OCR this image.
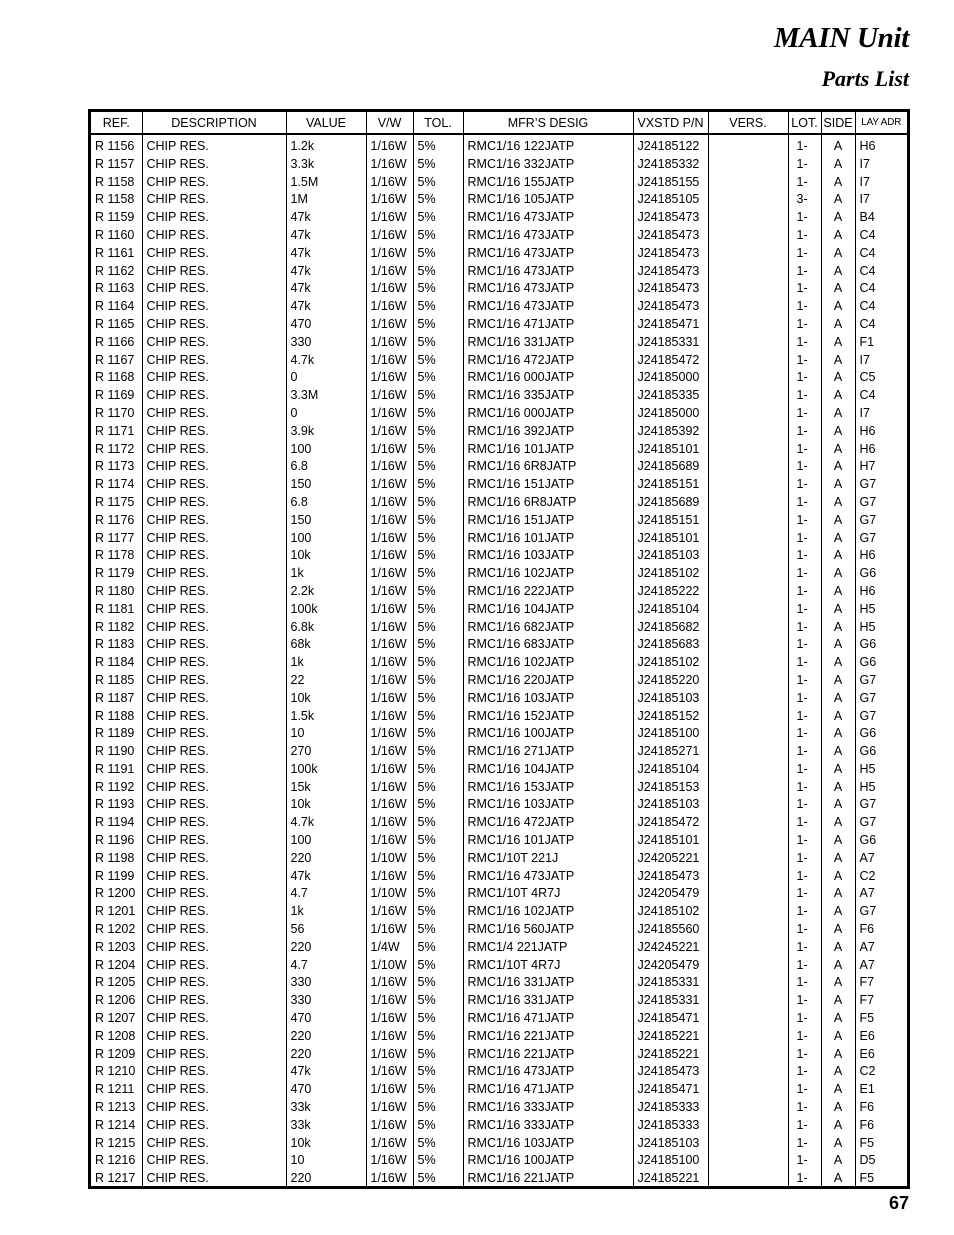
MAIN Unit
Parts List
REF.	DESCRIPTION	VALUE	V/W	TOL.	MFR’S DESIG	VXSTD P/N	VERS.	LOT.	SIDE	LAY ADR
R 1156	CHIP RES.	1.2k	1/16W	5%	RMC1/16 122JATP	J24185122		1-	A	H6
R 1157	CHIP RES.	3.3k	1/16W	5%	RMC1/16 332JATP	J24185332		1-	A	I7
R 1158	CHIP RES.	1.5M	1/16W	5%	RMC1/16 155JATP	J24185155		1-	A	I7
R 1158	CHIP RES.	1M	1/16W	5%	RMC1/16 105JATP	J24185105		3-	A	I7
R 1159	CHIP RES.	47k	1/16W	5%	RMC1/16 473JATP	J24185473		1-	A	B4
R 1160	CHIP RES.	47k	1/16W	5%	RMC1/16 473JATP	J24185473		1-	A	C4
R 1161	CHIP RES.	47k	1/16W	5%	RMC1/16 473JATP	J24185473		1-	A	C4
R 1162	CHIP RES.	47k	1/16W	5%	RMC1/16 473JATP	J24185473		1-	A	C4
R 1163	CHIP RES.	47k	1/16W	5%	RMC1/16 473JATP	J24185473		1-	A	C4
R 1164	CHIP RES.	47k	1/16W	5%	RMC1/16 473JATP	J24185473		1-	A	C4
R 1165	CHIP RES.	470	1/16W	5%	RMC1/16 471JATP	J24185471		1-	A	C4
R 1166	CHIP RES.	330	1/16W	5%	RMC1/16 331JATP	J24185331		1-	A	F1
R 1167	CHIP RES.	4.7k	1/16W	5%	RMC1/16 472JATP	J24185472		1-	A	I7
R 1168	CHIP RES.	0	1/16W	5%	RMC1/16 000JATP	J24185000		1-	A	C5
R 1169	CHIP RES.	3.3M	1/16W	5%	RMC1/16 335JATP	J24185335		1-	A	C4
R 1170	CHIP RES.	0	1/16W	5%	RMC1/16 000JATP	J24185000		1-	A	I7
R 1171	CHIP RES.	3.9k	1/16W	5%	RMC1/16 392JATP	J24185392		1-	A	H6
R 1172	CHIP RES.	100	1/16W	5%	RMC1/16 101JATP	J24185101		1-	A	H6
R 1173	CHIP RES.	6.8	1/16W	5%	RMC1/16 6R8JATP	J24185689		1-	A	H7
R 1174	CHIP RES.	150	1/16W	5%	RMC1/16 151JATP	J24185151		1-	A	G7
R 1175	CHIP RES.	6.8	1/16W	5%	RMC1/16 6R8JATP	J24185689		1-	A	G7
R 1176	CHIP RES.	150	1/16W	5%	RMC1/16 151JATP	J24185151		1-	A	G7
R 1177	CHIP RES.	100	1/16W	5%	RMC1/16 101JATP	J24185101		1-	A	G7
R 1178	CHIP RES.	10k	1/16W	5%	RMC1/16 103JATP	J24185103		1-	A	H6
R 1179	CHIP RES.	1k	1/16W	5%	RMC1/16 102JATP	J24185102		1-	A	G6
R 1180	CHIP RES.	2.2k	1/16W	5%	RMC1/16 222JATP	J24185222		1-	A	H6
R 1181	CHIP RES.	100k	1/16W	5%	RMC1/16 104JATP	J24185104		1-	A	H5
R 1182	CHIP RES.	6.8k	1/16W	5%	RMC1/16 682JATP	J24185682		1-	A	H5
R 1183	CHIP RES.	68k	1/16W	5%	RMC1/16 683JATP	J24185683		1-	A	G6
R 1184	CHIP RES.	1k	1/16W	5%	RMC1/16 102JATP	J24185102		1-	A	G6
R 1185	CHIP RES.	22	1/16W	5%	RMC1/16 220JATP	J24185220		1-	A	G7
R 1187	CHIP RES.	10k	1/16W	5%	RMC1/16 103JATP	J24185103		1-	A	G7
R 1188	CHIP RES.	1.5k	1/16W	5%	RMC1/16 152JATP	J24185152		1-	A	G7
R 1189	CHIP RES.	10	1/16W	5%	RMC1/16 100JATP	J24185100		1-	A	G6
R 1190	CHIP RES.	270	1/16W	5%	RMC1/16 271JATP	J24185271		1-	A	G6
R 1191	CHIP RES.	100k	1/16W	5%	RMC1/16 104JATP	J24185104		1-	A	H5
R 1192	CHIP RES.	15k	1/16W	5%	RMC1/16 153JATP	J24185153		1-	A	H5
R 1193	CHIP RES.	10k	1/16W	5%	RMC1/16 103JATP	J24185103		1-	A	G7
R 1194	CHIP RES.	4.7k	1/16W	5%	RMC1/16 472JATP	J24185472		1-	A	G7
R 1196	CHIP RES.	100	1/16W	5%	RMC1/16 101JATP	J24185101		1-	A	G6
R 1198	CHIP RES.	220	1/10W	5%	RMC1/10T 221J	J24205221		1-	A	A7
R 1199	CHIP RES.	47k	1/16W	5%	RMC1/16 473JATP	J24185473		1-	A	C2
R 1200	CHIP RES.	4.7	1/10W	5%	RMC1/10T 4R7J	J24205479		1-	A	A7
R 1201	CHIP RES.	1k	1/16W	5%	RMC1/16 102JATP	J24185102		1-	A	G7
R 1202	CHIP RES.	56	1/16W	5%	RMC1/16 560JATP	J24185560		1-	A	F6
R 1203	CHIP RES.	220	1/4W	5%	RMC1/4 221JATP	J24245221		1-	A	A7
R 1204	CHIP RES.	4.7	1/10W	5%	RMC1/10T 4R7J	J24205479		1-	A	A7
R 1205	CHIP RES.	330	1/16W	5%	RMC1/16 331JATP	J24185331		1-	A	F7
R 1206	CHIP RES.	330	1/16W	5%	RMC1/16 331JATP	J24185331		1-	A	F7
R 1207	CHIP RES.	470	1/16W	5%	RMC1/16 471JATP	J24185471		1-	A	F5
R 1208	CHIP RES.	220	1/16W	5%	RMC1/16 221JATP	J24185221		1-	A	E6
R 1209	CHIP RES.	220	1/16W	5%	RMC1/16 221JATP	J24185221		1-	A	E6
R 1210	CHIP RES.	47k	1/16W	5%	RMC1/16 473JATP	J24185473		1-	A	C2
R 1211	CHIP RES.	470	1/16W	5%	RMC1/16 471JATP	J24185471		1-	A	E1
R 1213	CHIP RES.	33k	1/16W	5%	RMC1/16 333JATP	J24185333		1-	A	F6
R 1214	CHIP RES.	33k	1/16W	5%	RMC1/16 333JATP	J24185333		1-	A	F6
R 1215	CHIP RES.	10k	1/16W	5%	RMC1/16 103JATP	J24185103		1-	A	F5
R 1216	CHIP RES.	10	1/16W	5%	RMC1/16 100JATP	J24185100		1-	A	D5
R 1217	CHIP RES.	220	1/16W	5%	RMC1/16 221JATP	J24185221		1-	A	F5
67
